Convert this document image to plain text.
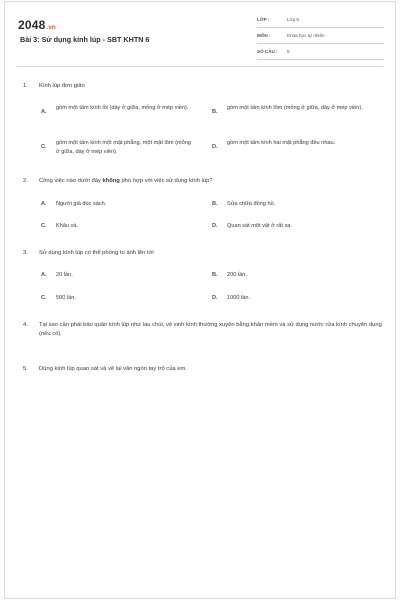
2048.vn
Bài 3: Sử dụng kính lúp - SBT KHTN 6
LỚP :	Lớp 6
MÔN :	Khoa học tự nhiên
SỐ CÂU : 5
1.	Kính lúp đơn giản
A.
gồm một tấm kính lồi (dày ở giữa, mỏng ở mép viền).
B.
gồm một tấm kính lõm (mỏng ở giữa, dày ở mép viền).
C.
gồm một tấm kính một mặt phẳng, một mặt lõm (mỏng ở giữa, dày ở mép viền).
D.
gồm một tấm kính hai mặt phẳng đều nhau.
2.	Công việc nào dưới đây không phù hợp với việc sử dụng kính lúp?
A. Người già đọc sách.	B. Sửa chữa đồng hồ.
C. Khâu vá.	D. Quan sát một vật ở rất xa.
3.	Sử dụng kính lúp có thể phóng to ảnh lên tới
A. 20 lần.	B. 200 lần.
C. 500 lần.	D. 1000 lần.
4.	Tại sao cần phải bảo quản kính lúp như lau chùi, vệ sinh kính thường xuyên bằng khăn mềm và sử dụng nước rửa kính chuyên dụng (nếu có).
5.	Dùng kính lúp quan sát và vẽ lại vân ngón tay trỏ của em.
